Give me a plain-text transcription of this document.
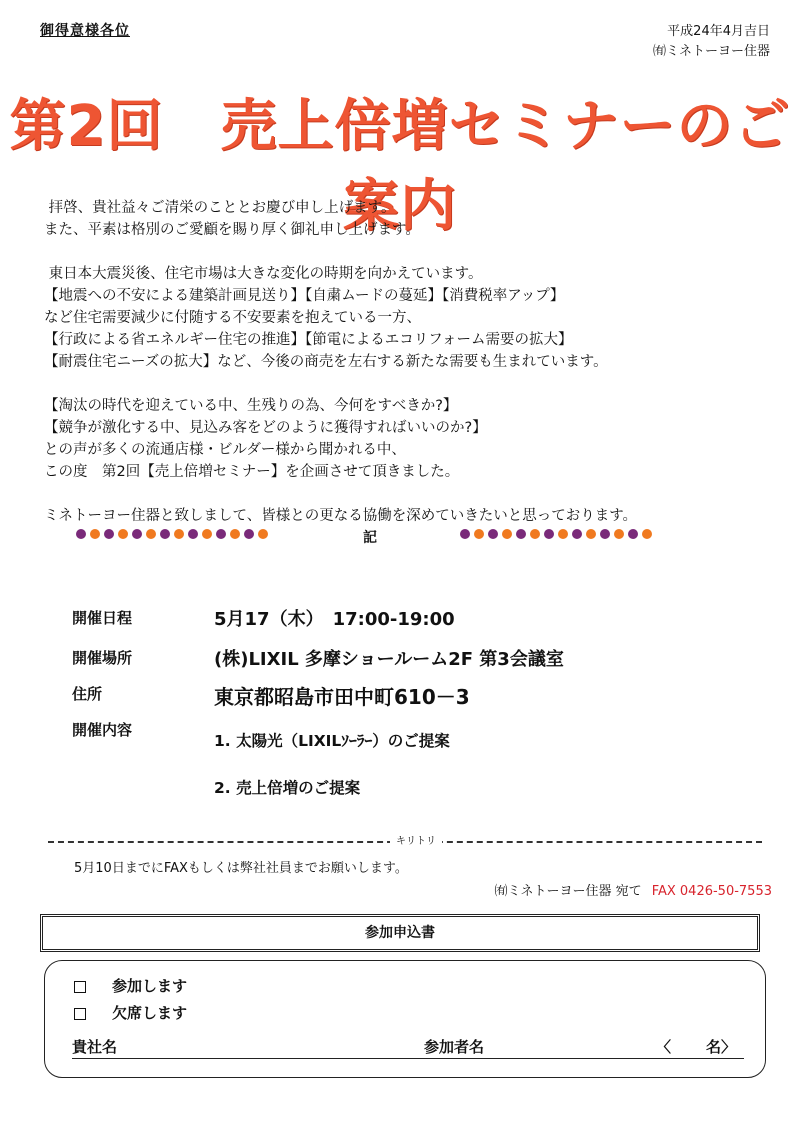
御得意様各位	平成24年4月吉日
㈲ミネトーヨー住器
第2回　売上倍増セミナーのご案内

拝啓、貴社益々ご清栄のこととお慶び申し上げます。

また、平素は格別のご愛顧を賜り厚く御礼申し上げます。

東日本大震災後、住宅市場は大きな変化の時期を向かえています。

【地震への不安による建築計画見送り】【自粛ムードの蔓延】【消費税率アップ】

など住宅需要減少に付随する不安要素を抱えている一方、

【行政による省エネルギー住宅の推進】【節電によるエコリフォーム需要の拡大】

【耐震住宅ニーズの拡大】など、今後の商売を左右する新たな需要も生まれています。

【淘汰の時代を迎えている中、生残りの為、今何をすべきか?】

【競争が激化する中、見込み客をどのように獲得すればいいのか?】

との声が多くの流通店様・ビルダー様から聞かれる中、

この度　第2回【売上倍増セミナー】を企画させて頂きました。

ミネトーヨー住器と致しまして、皆様との更なる協働を深めていきたいと思っております。

記
開催日程	5月17（木）　17:00-19:00
開催場所	(株)LIXIL 多摩ショールーム2F 第3会議室
住所	東京都昭島市田中町610－3
開催内容
1. 太陽光（LIXILｿｰﾗｰ）のご提案
2. 売上倍増のご提案
キリトリ
5月10日までにFAXもしくは弊社社員までお願いします。
㈲ミネトーヨー住器 宛て FAX 0426-50-7553
参加申込書
参加します
欠席します
貴社名	参加者名	〈 名〉
